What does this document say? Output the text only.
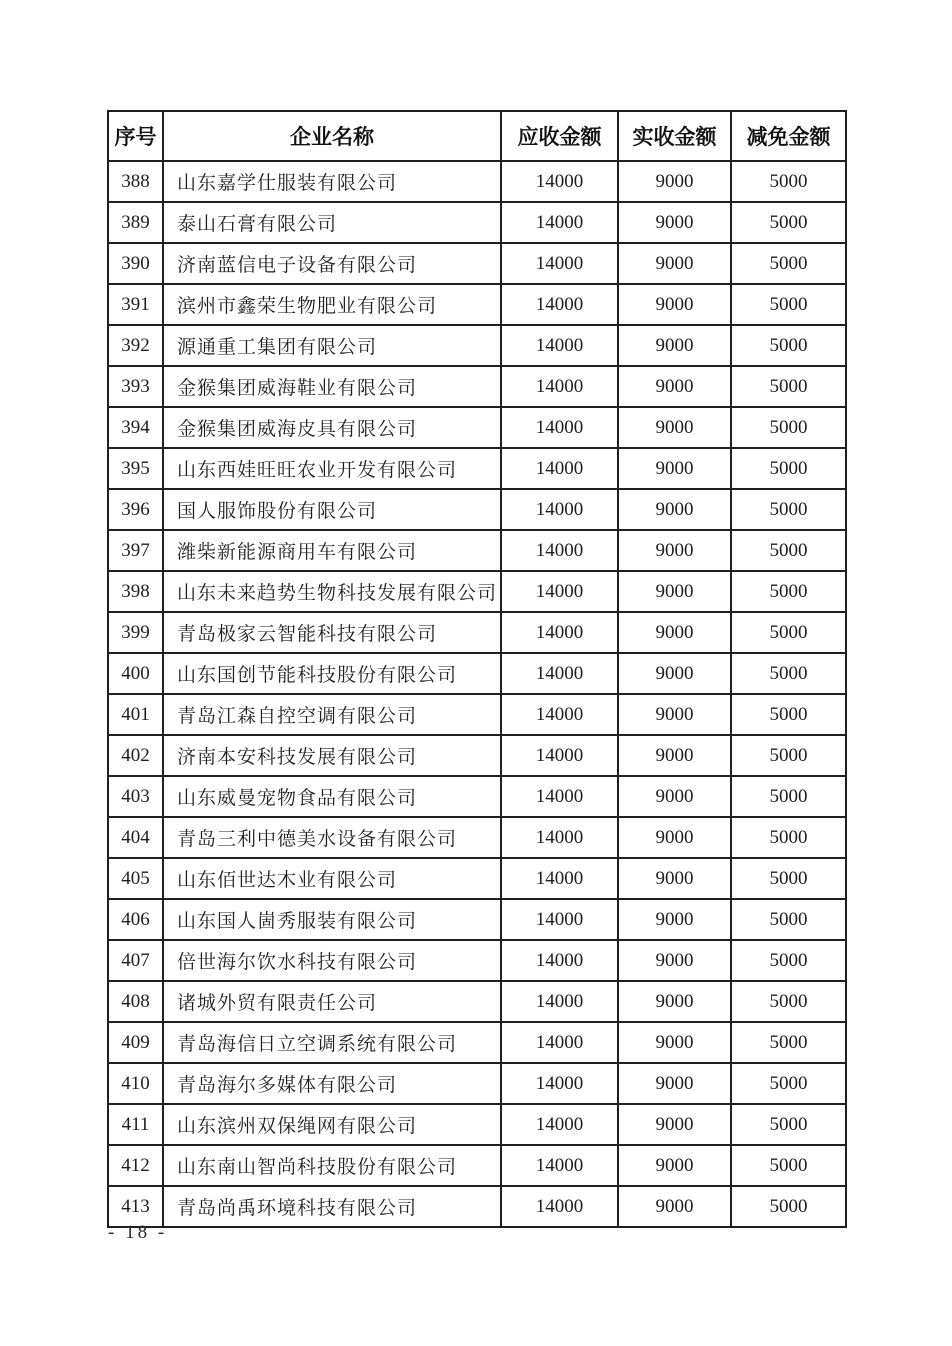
序号	企业名称	应收金额	实收金额	减免金额
388	山东嘉学仕服装有限公司	14000	9000	5000
389	泰山石膏有限公司	14000	9000	5000
390	济南蓝信电子设备有限公司	14000	9000	5000
391	滨州市鑫荣生物肥业有限公司	14000	9000	5000
392	源通重工集团有限公司	14000	9000	5000
393	金猴集团威海鞋业有限公司	14000	9000	5000
394	金猴集团威海皮具有限公司	14000	9000	5000
395	山东西娃旺旺农业开发有限公司	14000	9000	5000
396	国人服饰股份有限公司	14000	9000	5000
397	潍柴新能源商用车有限公司	14000	9000	5000
398	山东未来趋势生物科技发展有限公司	14000	9000	5000
399	青岛极家云智能科技有限公司	14000	9000	5000
400	山东国创节能科技股份有限公司	14000	9000	5000
401	青岛江森自控空调有限公司	14000	9000	5000
402	济南本安科技发展有限公司	14000	9000	5000
403	山东威曼宠物食品有限公司	14000	9000	5000
404	青岛三利中德美水设备有限公司	14000	9000	5000
405	山东佰世达木业有限公司	14000	9000	5000
406	山东国人崮秀服装有限公司	14000	9000	5000
407	倍世海尔饮水科技有限公司	14000	9000	5000
408	诸城外贸有限责任公司	14000	9000	5000
409	青岛海信日立空调系统有限公司	14000	9000	5000
410	青岛海尔多媒体有限公司	14000	9000	5000
411	山东滨州双保绳网有限公司	14000	9000	5000
412	山东南山智尚科技股份有限公司	14000	9000	5000
413	青岛尚禹环境科技有限公司	14000	9000	5000
- 18 -
